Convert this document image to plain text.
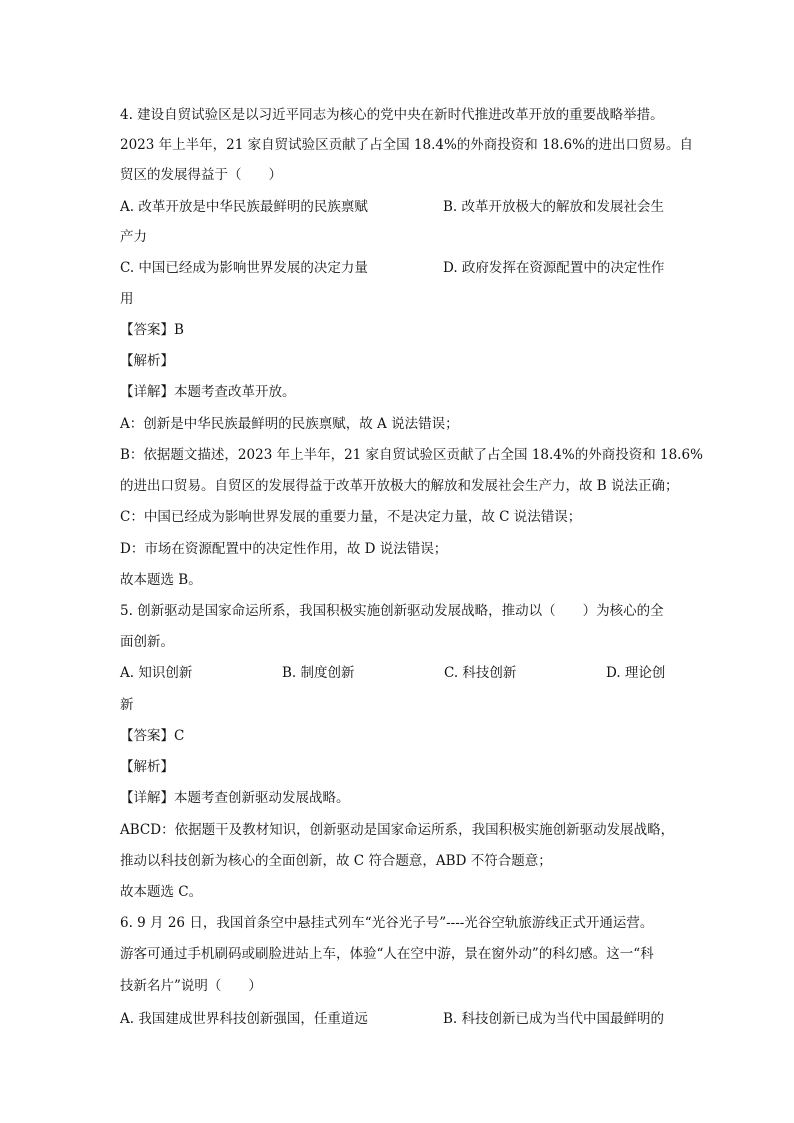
4. 建设自贸试验区是以习近平同志为核心的党中央在新时代推进改革开放的重要战略举措。
2023 年上半年，21 家自贸试验区贡献了占全国 18.4%的外商投资和 18.6%的进出口贸易。自
贸区的发展得益于（　　）
A. 改革开放是中华民族最鲜明的民族禀赋	B. 改革开放极大的解放和发展社会生
产力
C. 中国已经成为影响世界发展的决定力量	D. 政府发挥在资源配置中的决定性作
用
【答案】B
【解析】
【详解】本题考查改革开放。
A：创新是中华民族最鲜明的民族禀赋，故 A 说法错误；
B：依据题文描述，2023 年上半年，21 家自贸试验区贡献了占全国 18.4%的外商投资和 18.6%
的进出口贸易。自贸区的发展得益于改革开放极大的解放和发展社会生产力，故 B 说法正确；
C：中国已经成为影响世界发展的重要力量，不是决定力量，故 C 说法错误；
D：市场在资源配置中的决定性作用，故 D 说法错误；
故本题选 B。
5. 创新驱动是国家命运所系，我国积极实施创新驱动发展战略，推动以（　　）为核心的全
面创新。
A. 知识创新	B. 制度创新	C. 科技创新	D. 理论创
新
【答案】C
【解析】
【详解】本题考查创新驱动发展战略。
ABCD：依据题干及教材知识，创新驱动是国家命运所系，我国积极实施创新驱动发展战略，
推动以科技创新为核心的全面创新，故 C 符合题意，ABD 不符合题意；
故本题选 C。
6. 9 月 26 日，我国首条空中悬挂式列车“光谷光子号”----光谷空轨旅游线正式开通运营。
游客可通过手机刷码或刷脸进站上车，体验“人在空中游，景在窗外动”的科幻感。这一“科
技新名片”说明（　　）
A. 我国建成世界科技创新强国，任重道远	B. 科技创新已成为当代中国最鲜明的
